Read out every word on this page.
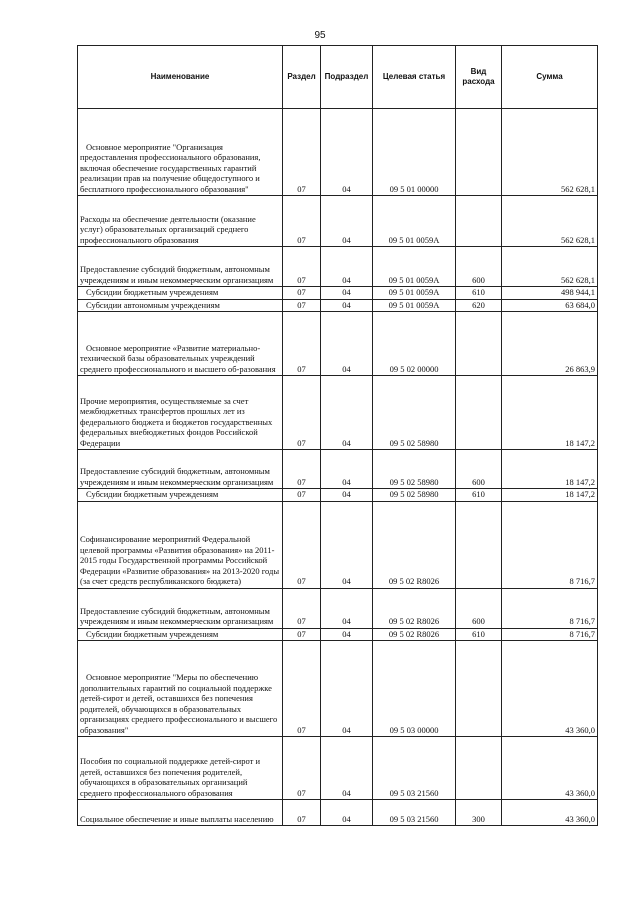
95
Наименование	Раздел	Подраздел	Целевая статья	Вид расхода	Сумма
Основное мероприятие "Организация предоставления профессионального образования, включая обеспечение государственных гарантий реализации прав на получение общедоступного и бесплатного профессионального образования"	07	04	09 5 01 00000		562 628,1
Расходы на обеспечение деятельности (оказание услуг) образовательных организаций среднего профессионального образования	07	04	09 5 01 0059А		562 628,1
Предоставление субсидий бюджетным, автономным учреждениям и иным некоммерческим организациям	07	04	09 5 01 0059А	600	562 628,1
Субсидии бюджетным учреждениям	07	04	09 5 01 0059А	610	498 944,1
Субсидии автономным учреждениям	07	04	09 5 01 0059А	620	63 684,0
Основное мероприятие «Развитие материально-технической базы образовательных учреждений среднего профессионального и высшего об-разования	07	04	09 5 02 00000		26 863,9
Прочие мероприятия, осуществляемые за счет межбюджетных трансфертов прошлых лет из федерального бюджета и бюджетов государственных федеральных внебюджетных фондов Российской Федерации	07	04	09 5 02 58980		18 147,2
Предоставление субсидий бюджетным, автономным учреждениям и иным некоммерческим организациям	07	04	09 5 02 58980	600	18 147,2
Субсидии бюджетным учреждениям	07	04	09 5 02 58980	610	18 147,2
Софинансирование мероприятий Федеральной целевой программы «Развития образования» на 2011-2015 годы Государственной программы Российской Федерации «Развитие образования» на 2013-2020 годы (за счет средств республиканского бюджета)	07	04	09 5 02 R8026		8 716,7
Предоставление субсидий бюджетным, автономным учреждениям и иным некоммерческим организациям	07	04	09 5 02 R8026	600	8 716,7
Субсидии бюджетным учреждениям	07	04	09 5 02 R8026	610	8 716,7
Основное мероприятие "Меры по обеспечению дополнительных гарантий по социальной поддержке детей-сирот и детей, оставшихся без попечения родителей, обучающихся в образовательных организациях среднего профессионального и высшего образования"	07	04	09 5 03 00000		43 360,0
Пособия по социальной поддержке детей-сирот и детей, оставшихся без попечения родителей, обучающихся в образовательных организаций среднего профессионального образования	07	04	09 5 03 21560		43 360,0
Социальное обеспечение и иные выплаты населению	07	04	09 5 03 21560	300	43 360,0
